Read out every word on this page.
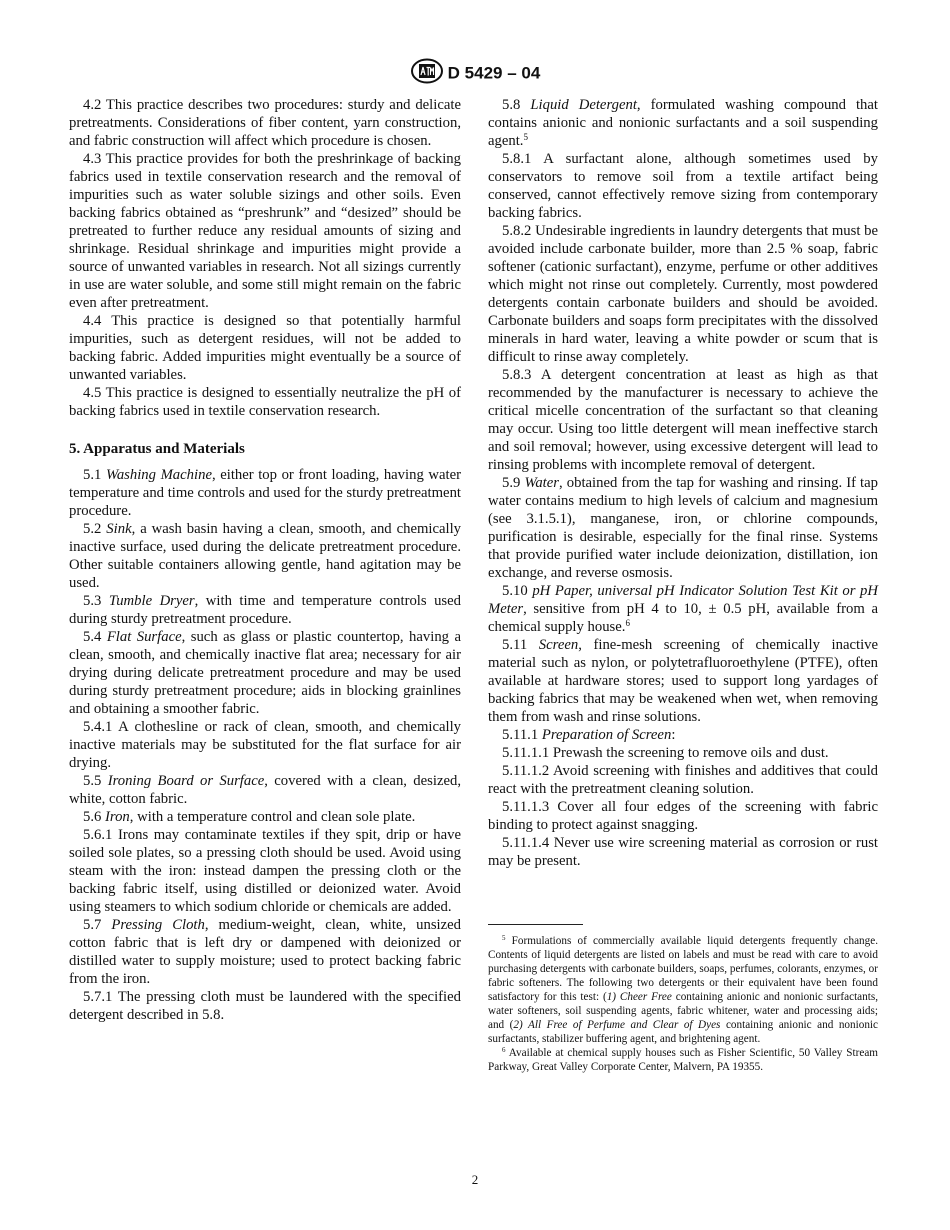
D 5429 – 04

4.2 This practice describes two procedures: sturdy and delicate pretreatments. Considerations of fiber content, yarn construction, and fabric construction will affect which procedure is chosen.

4.3 This practice provides for both the preshrinkage of backing fabrics used in textile conservation research and the removal of impurities such as water soluble sizings and other soils. Even backing fabrics obtained as “preshrunk” and “desized” should be pretreated to further reduce any residual amounts of sizing and shrinkage. Residual shrinkage and impurities might provide a source of unwanted variables in research. Not all sizings currently in use are water soluble, and some still might remain on the fabric even after pretreatment.

4.4 This practice is designed so that potentially harmful impurities, such as detergent residues, will not be added to backing fabric. Added impurities might eventually be a source of unwanted variables.

4.5 This practice is designed to essentially neutralize the pH of backing fabrics used in textile conservation research.

5. Apparatus and Materials

5.1 Washing Machine, either top or front loading, having water temperature and time controls and used for the sturdy pretreatment procedure.

5.2 Sink, a wash basin having a clean, smooth, and chemically inactive surface, used during the delicate pretreatment procedure. Other suitable containers allowing gentle, hand agitation may be used.

5.3 Tumble Dryer, with time and temperature controls used during sturdy pretreatment procedure.

5.4 Flat Surface, such as glass or plastic countertop, having a clean, smooth, and chemically inactive flat area; necessary for air drying during delicate pretreatment procedure and may be used during sturdy pretreatment procedure; aids in blocking grainlines and obtaining a smoother fabric.

5.4.1 A clothesline or rack of clean, smooth, and chemically inactive materials may be substituted for the flat surface for air drying.

5.5 Ironing Board or Surface, covered with a clean, desized, white, cotton fabric.

5.6 Iron, with a temperature control and clean sole plate.

5.6.1 Irons may contaminate textiles if they spit, drip or have soiled sole plates, so a pressing cloth should be used. Avoid using steam with the iron: instead dampen the pressing cloth or the backing fabric itself, using distilled or deionized water. Avoid using steamers to which sodium chloride or chemicals are added.

5.7 Pressing Cloth, medium-weight, clean, white, unsized cotton fabric that is left dry or dampened with deionized or distilled water to supply moisture; used to protect backing fabric from the iron.

5.7.1 The pressing cloth must be laundered with the specified detergent described in 5.8.

5.8 Liquid Detergent, formulated washing compound that contains anionic and nonionic surfactants and a soil suspending agent.$^5$

5.8.1 A surfactant alone, although sometimes used by conservators to remove soil from a textile artifact being conserved, cannot effectively remove sizing from contemporary backing fabrics.

5.8.2 Undesirable ingredients in laundry detergents that must be avoided include carbonate builder, more than 2.5 % soap, fabric softener (cationic surfactant), enzyme, perfume or other additives which might not rinse out completely. Currently, most powdered detergents contain carbonate builders and should be avoided. Carbonate builders and soaps form precipitates with the dissolved minerals in hard water, leaving a white powder or scum that is difficult to rinse away completely.

5.8.3 A detergent concentration at least as high as that recommended by the manufacturer is necessary to achieve the critical micelle concentration of the surfactant so that cleaning may occur. Using too little detergent will mean ineffective starch and soil removal; however, using excessive detergent will lead to rinsing problems with incomplete removal of detergent.

5.9 Water, obtained from the tap for washing and rinsing. If tap water contains medium to high levels of calcium and magnesium (see 3.1.5.1), manganese, iron, or chlorine compounds, purification is desirable, especially for the final rinse. Systems that provide purified water include deionization, distillation, ion exchange, and reverse osmosis.

5.10 pH Paper, universal pH Indicator Solution Test Kit or pH Meter, sensitive from pH 4 to 10, ± 0.5 pH, available from a chemical supply house.$^6$

5.11 Screen, fine-mesh screening of chemically inactive material such as nylon, or polytetrafluoroethylene (PTFE), often available at hardware stores; used to support long yardages of backing fabrics that may be weakened when wet, when removing them from wash and rinse solutions.

5.11.1 Preparation of Screen:

5.11.1.1 Prewash the screening to remove oils and dust.

5.11.1.2 Avoid screening with finishes and additives that could react with the pretreatment cleaning solution.

5.11.1.3 Cover all four edges of the screening with fabric binding to protect against snagging.

5.11.1.4 Never use wire screening material as corrosion or rust may be present.

$^5$ Formulations of commercially available liquid detergents frequently change. Contents of liquid detergents are listed on labels and must be read with care to avoid purchasing detergents with carbonate builders, soaps, perfumes, colorants, enzymes, or fabric softeners. The following two detergents or their equivalent have been found satisfactory for this test: (1) Cheer Free containing anionic and nonionic surfactants, water softeners, soil suspending agents, fabric whitener, water and processing aids; and (2) All Free of Perfume and Clear of Dyes containing anionic and nonionic surfactants, stabilizer buffering agent, and brightening agent.

$^6$ Available at chemical supply houses such as Fisher Scientific, 50 Valley Stream Parkway, Great Valley Corporate Center, Malvern, PA 19355.

2
